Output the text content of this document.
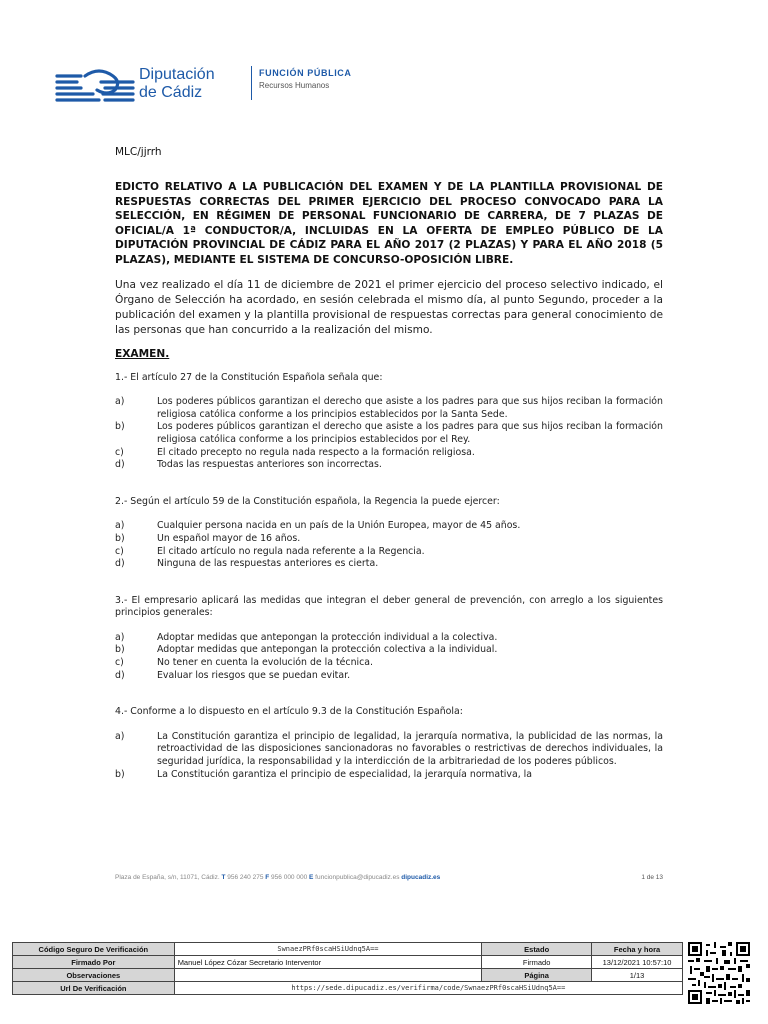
Diputación
de Cádiz
FUNCIÓN PÚBLICA
Recursos Humanos
MLC/jjrrh
EDICTO RELATIVO A LA PUBLICACIÓN DEL EXAMEN Y DE LA PLANTILLA PROVISIONAL DE RESPUESTAS CORRECTAS DEL PRIMER EJERCICIO DEL PROCESO CONVOCADO PARA LA SELECCIÓN, EN RÉGIMEN DE PERSONAL FUNCIONARIO DE CARRERA, DE 7 PLAZAS DE OFICIAL/A 1ª CONDUCTOR/A, INCLUIDAS EN LA OFERTA DE EMPLEO PÚBLICO DE LA DIPUTACIÓN PROVINCIAL DE CÁDIZ PARA EL AÑO 2017 (2 PLAZAS) Y PARA EL AÑO 2018 (5 PLAZAS), MEDIANTE EL SISTEMA DE CONCURSO-OPOSICIÓN LIBRE.
Una vez realizado el día 11 de diciembre de 2021 el primer ejercicio del proceso selectivo indicado, el Órgano de Selección ha acordado, en sesión celebrada el mismo día, al punto Segundo, proceder a la publicación del examen y la plantilla provisional de respuestas correctas para general conocimiento de las personas que han concurrido a la realización del mismo.
EXAMEN.
1.- El artículo 27 de la Constitución Española señala que:
a)	Los poderes públicos garantizan el derecho que asiste a los padres para que sus hijos reciban la formación religiosa católica conforme a los principios establecidos por la Santa Sede.
b)	Los poderes públicos garantizan el derecho que asiste a los padres para que sus hijos reciban la formación religiosa católica conforme a los principios establecidos por el Rey.
c)	El citado precepto no regula nada respecto a la formación religiosa.
d)	Todas las respuestas anteriores son incorrectas.
2.- Según el artículo 59 de la Constitución española, la Regencia la puede ejercer:
a)	Cualquier persona nacida en un país de la Unión Europea, mayor de 45 años.
b)	Un español mayor de 16 años.
c)	El citado artículo no regula nada referente a la Regencia.
d)	Ninguna de las respuestas anteriores es cierta.
3.- El empresario aplicará las medidas que integran el deber general de prevención, con arreglo a los siguientes principios generales:
a)	Adoptar medidas que antepongan la protección individual a la colectiva.
b)	Adoptar medidas que antepongan la protección colectiva a la individual.
c)	No tener en cuenta la evolución de la técnica.
d)	Evaluar los riesgos que se puedan evitar.
4.- Conforme a lo dispuesto en el artículo 9.3 de la Constitución Española:
a)	La Constitución garantiza el principio de legalidad, la jerarquía normativa, la publicidad de las normas, la retroactividad de las disposiciones sancionadoras no favorables o restrictivas de derechos individuales, la seguridad jurídica, la responsabilidad y la interdicción de la arbitrariedad de los poderes públicos.
b)	La Constitución garantiza el principio de especialidad, la jerarquía normativa, la
Plaza de España, s/n, 11071, Cádiz. T 956 240 275 F 956 000 000 E funcionpublica@dipucadiz.es dipucadiz.es	1 de 13
Código Seguro De Verificación	SwnaezPRf0scaHSiUdnq5A==	Estado	Fecha y hora
Firmado Por	Manuel López Cózar Secretario Interventor	Firmado	13/12/2021 10:57:10
Observaciones		Página	1/13
Url De Verificación	https://sede.dipucadiz.es/verifirma/code/SwnaezPRf0scaHSiUdnq5A==		
